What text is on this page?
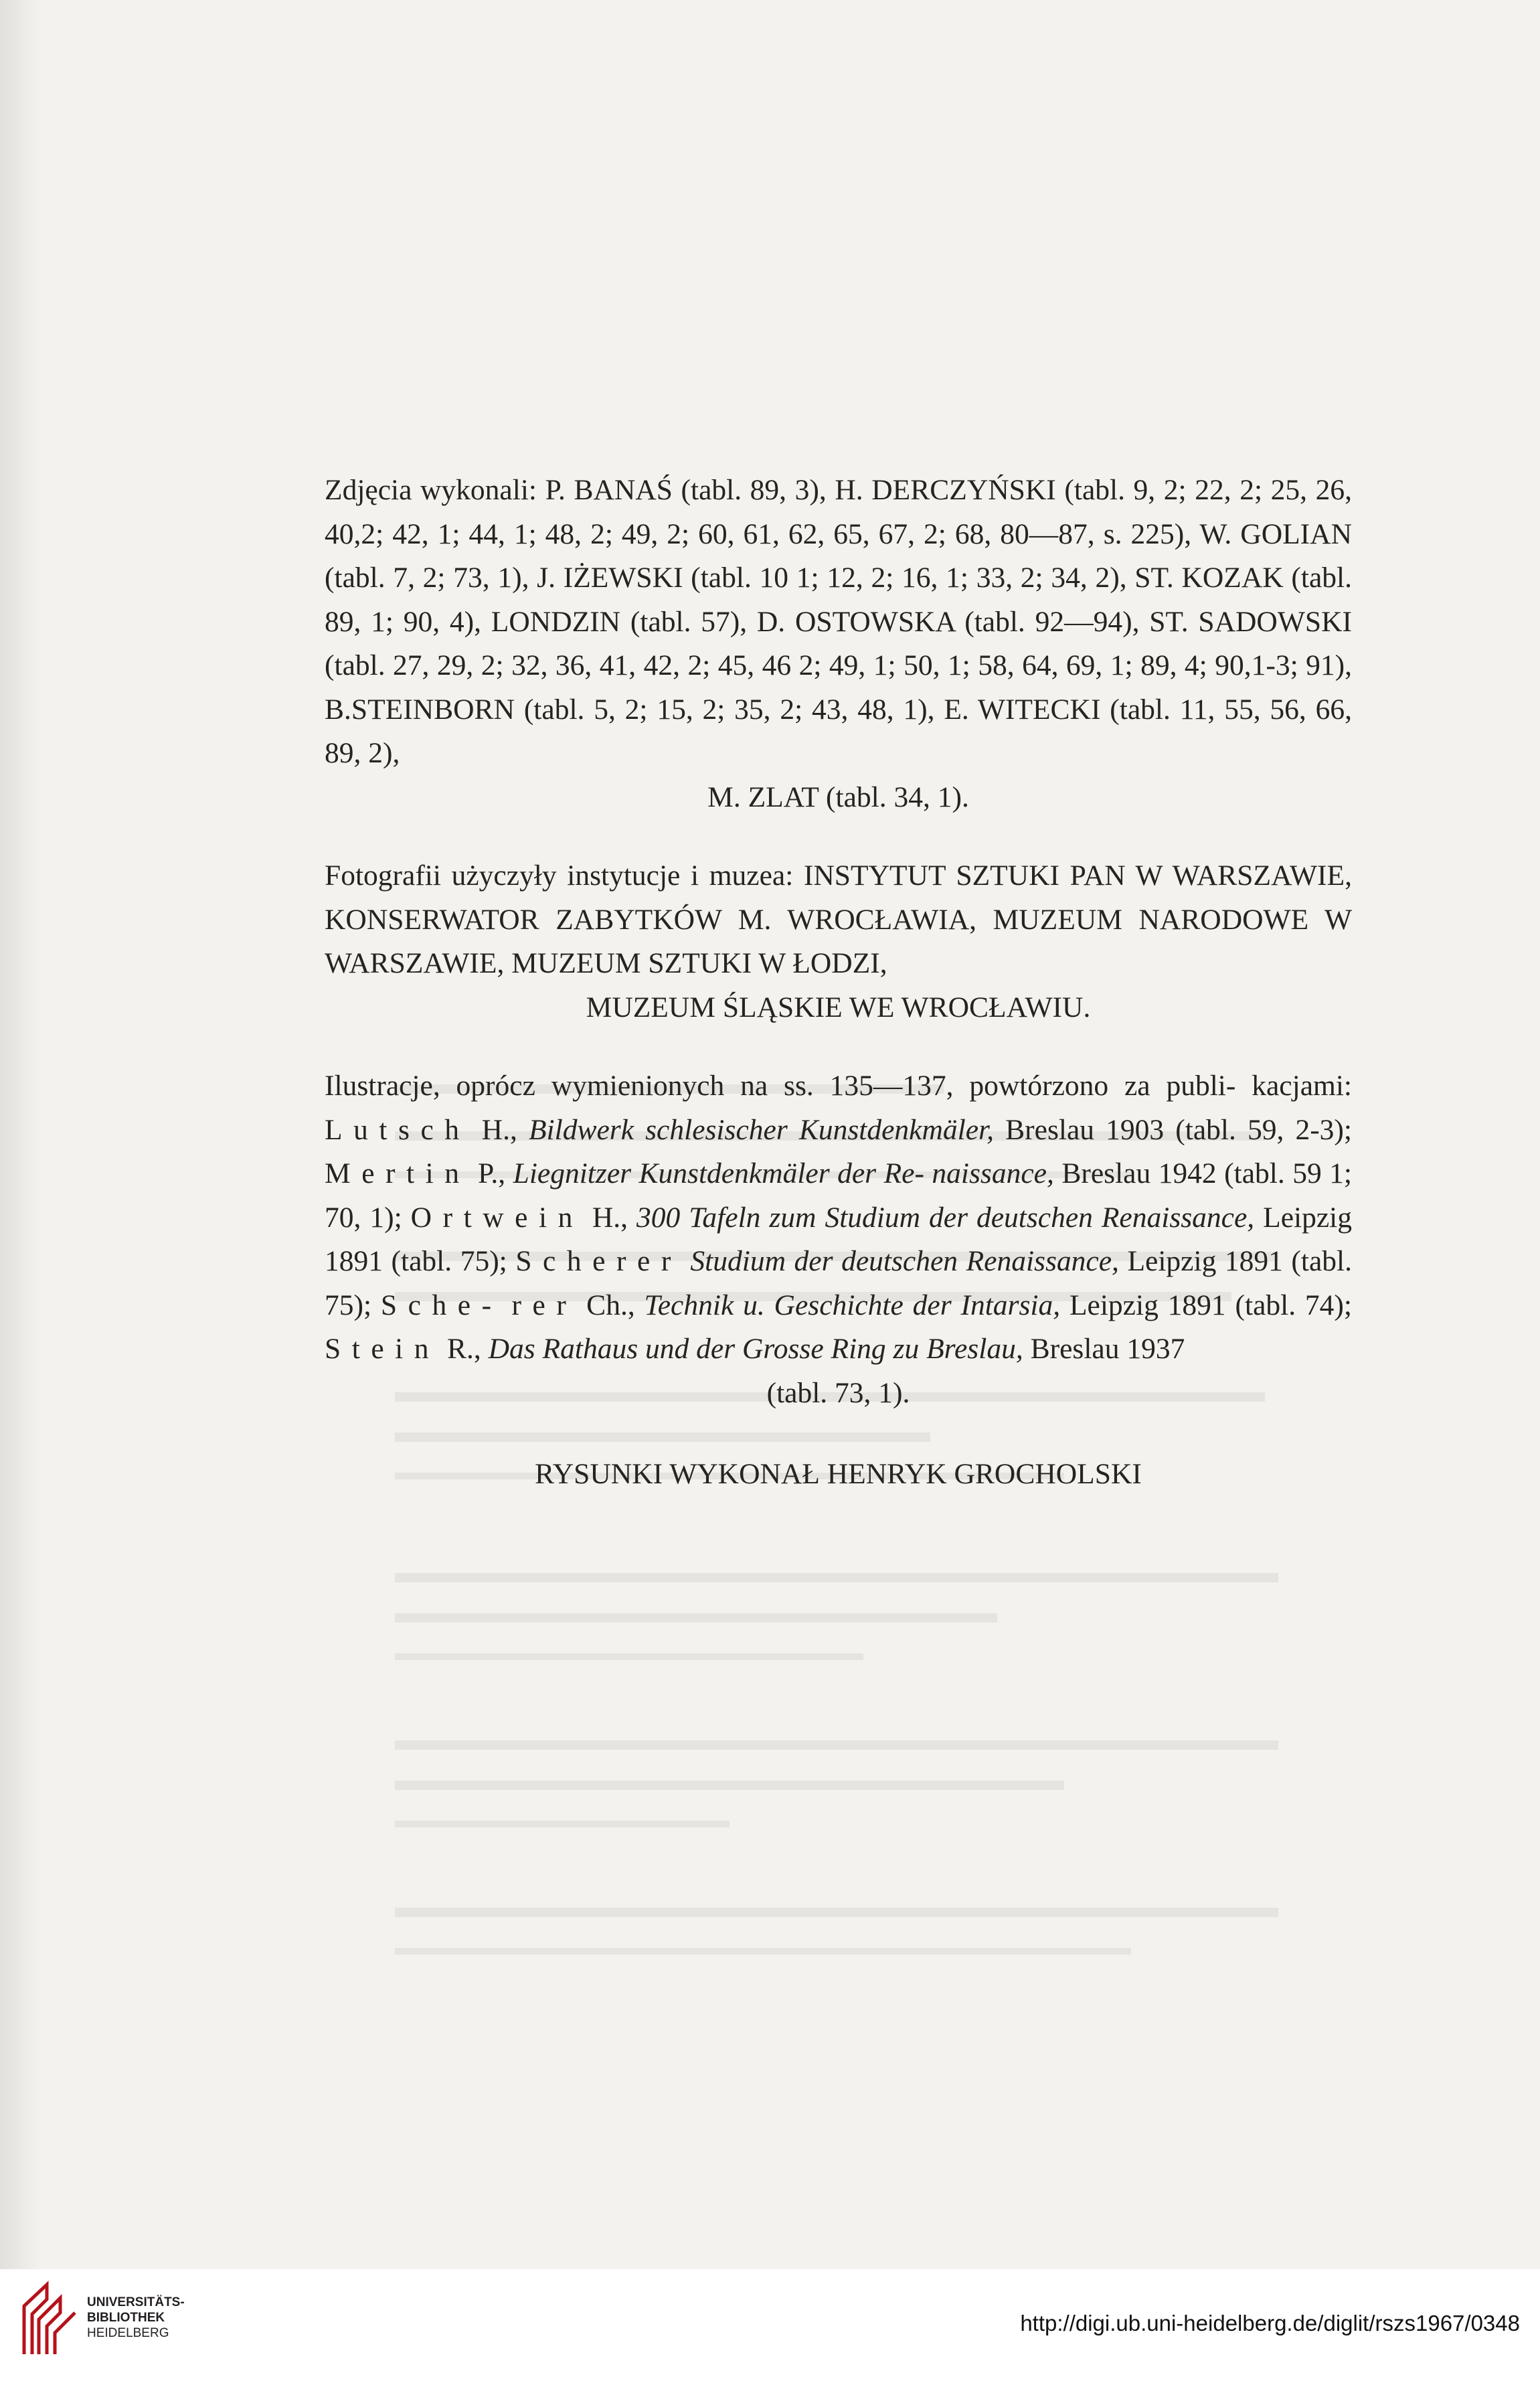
Zdjęcia wykonali: P. BANAŚ (tabl. 89, 3), H. DERCZYŃSKI (tabl. 9, 2; 22, 2; 25, 26, 40,2; 42, 1; 44, 1; 48, 2; 49, 2; 60, 61, 62, 65, 67, 2; 68, 80—87, s. 225), W. GOLIAN (tabl. 7, 2; 73, 1), J. IŻEWSKI (tabl. 10 1; 12, 2; 16, 1; 33, 2; 34, 2), ST. KOZAK (tabl. 89, 1; 90, 4), LONDZIN (tabl. 57), D. OSTOWSKA (tabl. 92—94), ST. SADOWSKI (tabl. 27, 29, 2; 32, 36, 41, 42, 2; 45, 46 2; 49, 1; 50, 1; 58, 64, 69, 1; 89, 4; 90,1-3; 91), B.STEINBORN (tabl. 5, 2; 15, 2; 35, 2; 43, 48, 1), E. WITECKI (tabl. 11, 55, 56, 66, 89, 2),
M. ZLAT (tabl. 34, 1).

Fotografii użyczyły instytucje i muzea: INSTYTUT SZTUKI PAN W WARSZAWIE, KONSERWATOR ZABYTKÓW M. WROCŁAWIA, MUZEUM NARODOWE W WARSZAWIE, MUZEUM SZTUKI W ŁODZI,
MUZEUM ŚLĄSKIE WE WROCŁAWIU.

Ilustracje, oprócz wymienionych na ss. 135—137, powtórzono za publi- kacjami: Lutsch H., Bildwerk schlesischer Kunstdenkmäler, Breslau 1903 (tabl. 59, 2-3); Mertin P., Liegnitzer Kunstdenkmäler der Re- naissance, Breslau 1942 (tabl. 59 1; 70, 1); Ortwein H., 300 Tafeln zum Studium der deutschen Renaissance, Leipzig 1891 (tabl. 75); Scherer Studium der deutschen Renaissance, Leipzig 1891 (tabl. 75); Sche- rer Ch., Technik u. Geschichte der Intarsia, Leipzig 1891 (tabl. 74); Stein R., Das Rathaus und der Grosse Ring zu Breslau, Breslau 1937
(tabl. 73, 1).

RYSUNKI WYKONAŁ HENRYK GROCHOLSKI
UNIVERSITÄTS-
BIBLIOTHEK
HEIDELBERG	http://digi.ub.uni-heidelberg.de/diglit/rszs1967/0348
